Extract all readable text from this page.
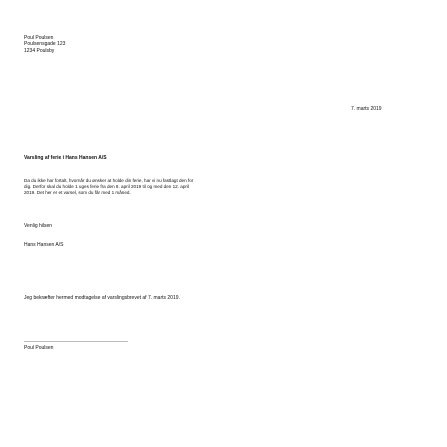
Poul Poulsen
Poulsensgade 123
1234 Poulsby
7. marts 2019
Varsling af ferie i Hans Hansen A/S
Da du ikke har fortalt, hvornår du ønsker at holde din ferie, har vi nu fastlagt den for
dig. Derfor skal du holde 1 uges ferie fra den 8. april 2019 til og med den 12. april
2019. Det her er et varsel, som du får med 1 måned.
Venlig hilsen
Hans Hansen A/S
Jeg bekræfter hermed modtagelse af varslingsbrevet af 7. marts 2019.
Poul Poulsen
